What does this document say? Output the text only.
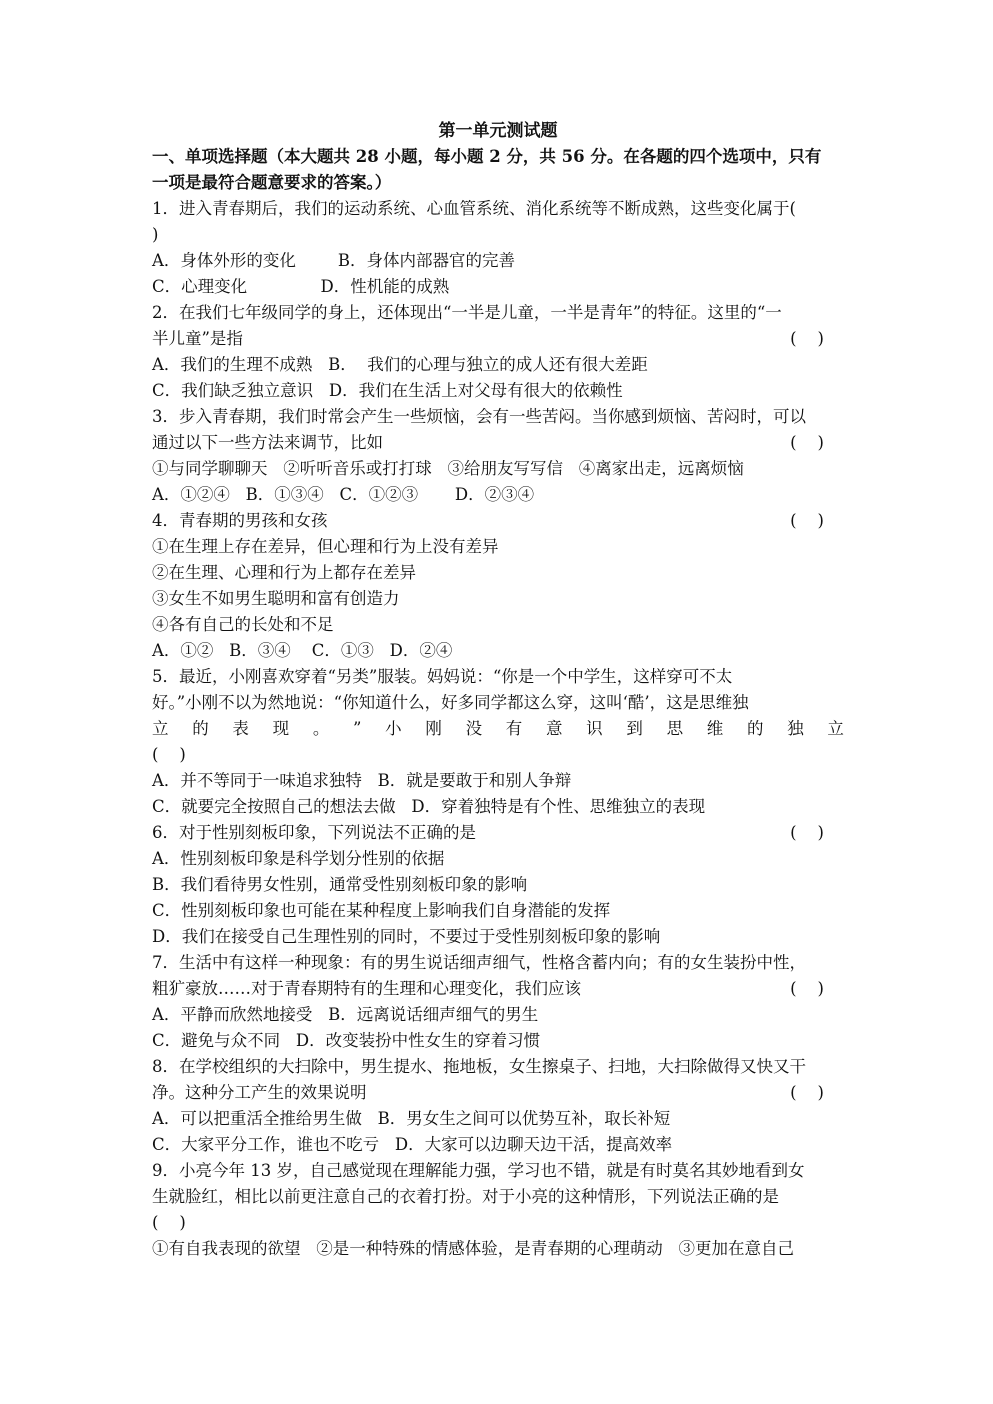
第一单元测试题
一、单项选择题（本大题共 28 小题，每小题 2 分，共 56 分。在各题的四个选项中，只有
一项是最符合题意要求的答案。）
1．进入青春期后，我们的运动系统、心血管系统、消化系统等不断成熟，这些变化属于(
)
A．身体外形的变化        B．身体内部器官的完善
C．心理变化              D．性机能的成熟
2．在我们七年级同学的身上，还体现出“一半是儿童，一半是青年”的特征。这里的“一
半儿童”是指	(    )
A．我们的生理不成熟   B．  我们的心理与独立的成人还有很大差距
C．我们缺乏独立意识   D．我们在生活上对父母有很大的依赖性
3．步入青春期，我们时常会产生一些烦恼，会有一些苦闷。当你感到烦恼、苦闷时，可以
通过以下一些方法来调节，比如	(    )
①与同学聊聊天   ②听听音乐或打打球   ③给朋友写写信   ④离家出走，远离烦恼
A．①②④   B．①③④   C．①②③       D．②③④
4．青春期的男孩和女孩	(    )
①在生理上存在差异，但心理和行为上没有差异
②在生理、心理和行为上都存在差异
③女生不如男生聪明和富有创造力
④各有自己的长处和不足
A．①②   B．③④    C．①③   D．②④
5．最近，小刚喜欢穿着“另类”服装。妈妈说：“你是一个中学生，这样穿可不太
好。”小刚不以为然地说：“你知道什么，好多同学都这么穿，这叫‘酷’，这是思维独
立 的 表 现 。 ” 小 刚 没 有 意 识 到 思 维 的 独 立
(    )
A．并不等同于一味追求独特   B．就是要敢于和别人争辩
C．就要完全按照自己的想法去做   D．穿着独特是有个性、思维独立的表现
6．对于性别刻板印象，下列说法不正确的是	(    )
A．性别刻板印象是科学划分性别的依据
B．我们看待男女性别，通常受性别刻板印象的影响
C．性别刻板印象也可能在某种程度上影响我们自身潜能的发挥
D．我们在接受自己生理性别的同时，不要过于受性别刻板印象的影响
7．生活中有这样一种现象：有的男生说话细声细气，性格含蓄内向；有的女生装扮中性，
粗犷豪放……对于青春期特有的生理和心理变化，我们应该	(    )
A．平静而欣然地接受   B．远离说话细声细气的男生
C．避免与众不同   D．改变装扮中性女生的穿着习惯
8．在学校组织的大扫除中，男生提水、拖地板，女生擦桌子、扫地，大扫除做得又快又干
净。这种分工产生的效果说明	(    )
A．可以把重活全推给男生做   B．男女生之间可以优势互补，取长补短
C．大家平分工作，谁也不吃亏   D．大家可以边聊天边干活，提高效率
9．小亮今年 13 岁，自己感觉现在理解能力强，学习也不错，就是有时莫名其妙地看到女
生就脸红，相比以前更注意自己的衣着打扮。对于小亮的这种情形，下列说法正确的是
(    )
①有自我表现的欲望   ②是一种特殊的情感体验，是青春期的心理萌动   ③更加在意自己
